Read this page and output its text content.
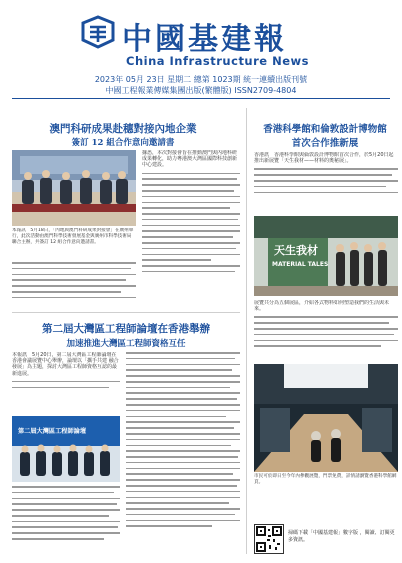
中國基建報
China Infrastructure News
2023年 05月 23日 星期二 總第 1023期 統一連續出版刊號
中國工程報業傳媒集團出版(繁體版) ISSN2709-4804
澳門科研成果赴穗對接內地企業
簽訂 12 組合作意向邀請書
本報訊　5月18日，「內地與澳門科研成果對接會」在廣州舉行，此次活動由澳門科學技術發展基金與廣州市科學技術局聯合主辦，共簽訂 12 組合作意向邀請書。
據悉，本次對接會旨在推動澳門與內地科研成果轉化，助力粵港澳大灣區國際科技創新中心建設。
香港科學館和倫敦設計博物館
首次合作推新展
香港訊　香港科學館與倫敦設計博物館首次合作，於5月20日起推出新展覽「天生我材——材料的奧秘展」。
天生我材
MATERIAL TALES
展覽共分為五個展區，介紹各式物料如何塑造我們的生活與未來。
市民可於即日至今年內參觀展覽，門票免費，詳情請瀏覽香港科學館網頁。
掃碼下載「中國基建報」數字版 ，閱讀、訂閱更多資訊。
第二屆大灣區工程師論壇在香港舉辦
加速推進大灣區工程師資格互任
本報訊　5月20日，第二屆大灣區工程師論壇在香港會議展覽中心舉辦，論壇以「攜手共建 融合發展」為主題，探討大灣區工程師資格互認的最新進展。
第二屆大灣區工程師論壇
